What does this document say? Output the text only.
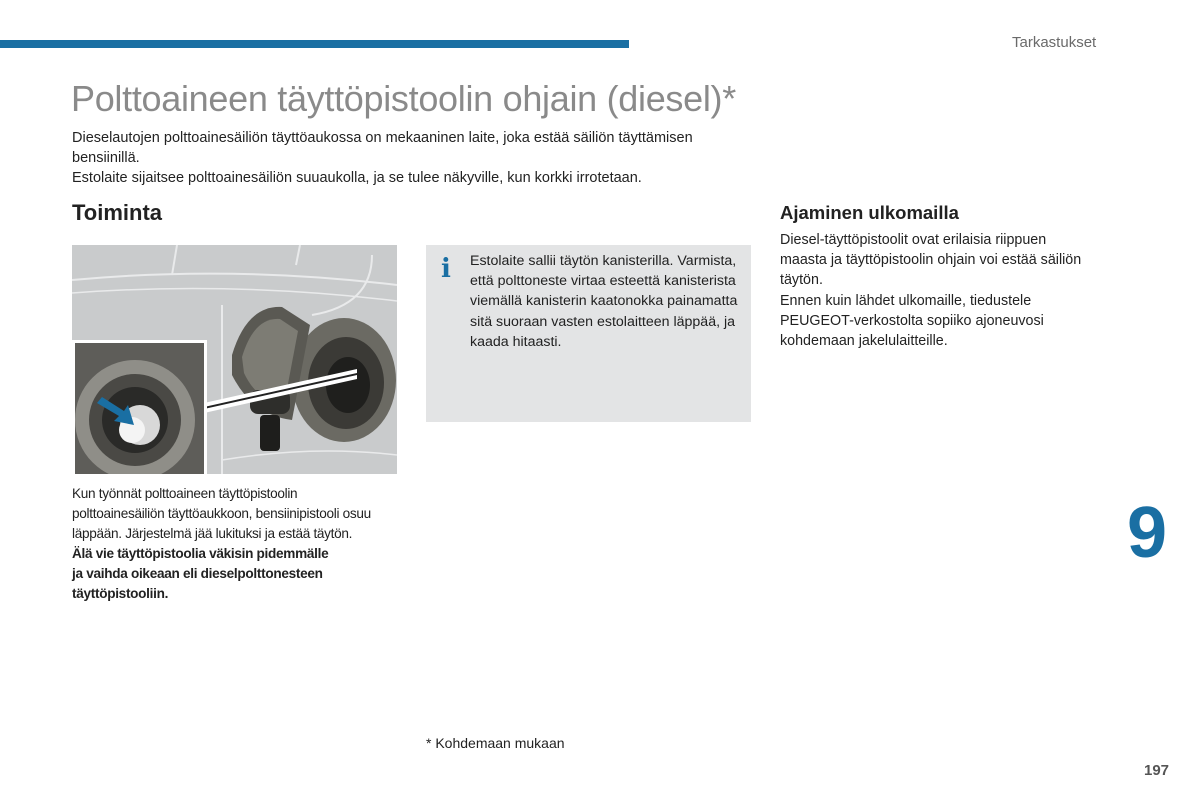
Tarkastukset
Polttoaineen täyttöpistoolin ohjain (diesel)*

Dieselautojen polttoainesäiliön täyttöaukossa on mekaaninen laite, joka estää säiliön täyttämisen bensiinillä.

Estolaite sijaitsee polttoainesäiliön suuaukolla, ja se tulee näkyville, kun korkki irrotetaan.

Toiminta

Kun työnnät polttoaineen täyttöpistoolin

polttoainesäiliön täyttöaukkoon, bensiinipistooli osuu

läppään. Järjestelmä jää lukituksi ja estää täytön.

Älä vie täyttöpistoolia väkisin pidemmälle

ja vaihda oikeaan eli dieselpolttonesteen

täyttöpistooliin.

i Estolaite sallii täytön kanisterilla. Varmista, että polttoneste virtaa esteettä kanisterista viemällä kanisterin kaatonokka painamatta sitä suoraan vasten estolaitteen läppää, ja kaada hitaasti.
Ajaminen ulkomailla

Diesel-täyttöpistoolit ovat erilaisia riippuen maasta ja täyttöpistoolin ohjain voi estää säiliön täytön.

Ennen kuin lähdet ulkomaille, tiedustele PEUGEOT-verkostolta sopiiko ajoneuvosi kohdemaan jakelulaitteille.

9
* Kohdemaan mukaan
197
